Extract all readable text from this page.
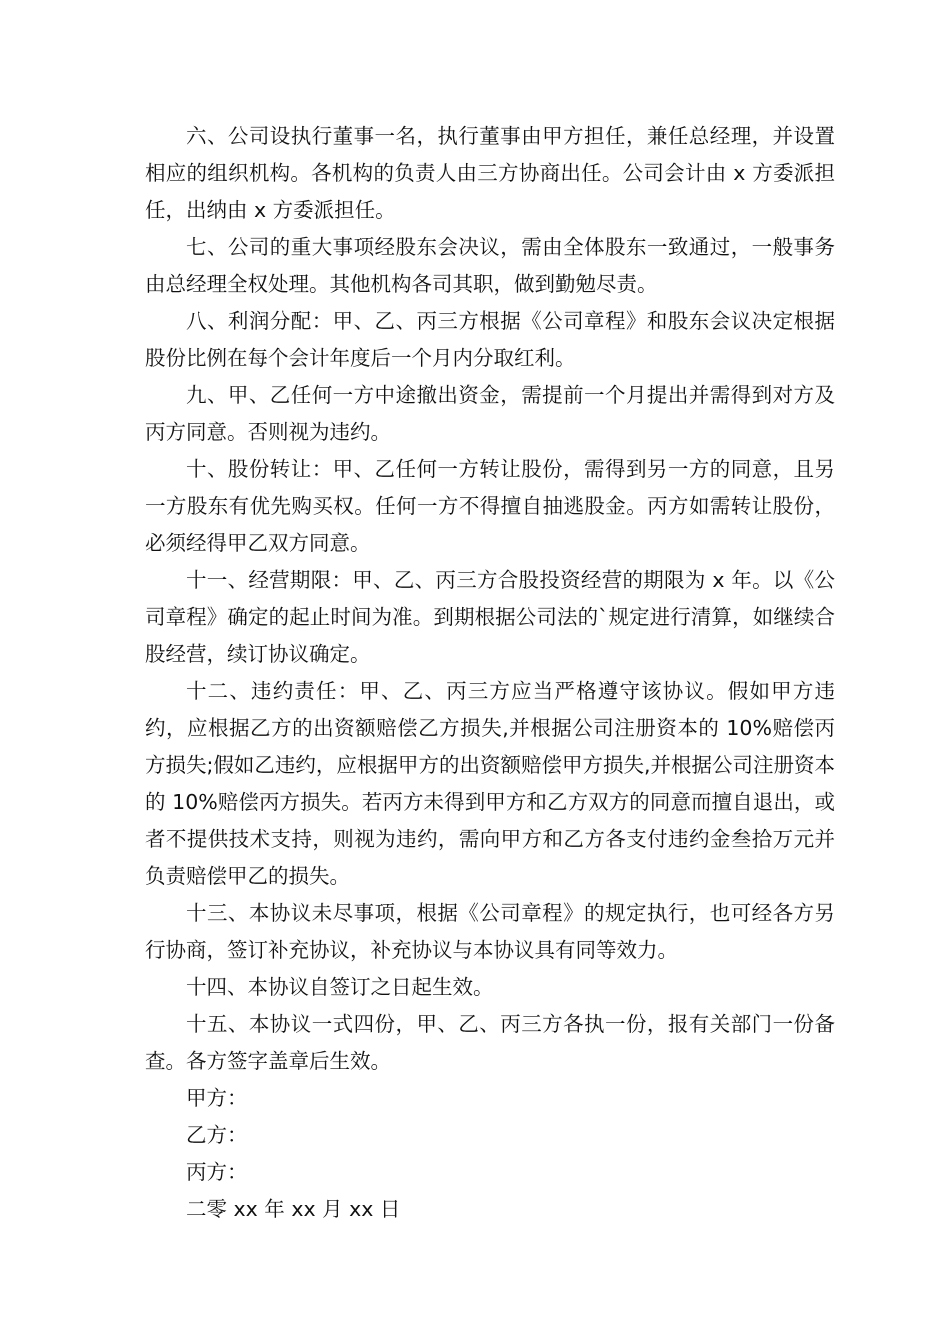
六、公司设执行董事一名，执行董事由甲方担任，兼任总经理，并设置相应的组织机构。各机构的负责人由三方协商出任。公司会计由 x 方委派担任，出纳由 x 方委派担任。

七、公司的重大事项经股东会决议，需由全体股东一致通过，一般事务由总经理全权处理。其他机构各司其职，做到勤勉尽责。

八、利润分配：甲、乙、丙三方根据《公司章程》和股东会议决定根据股份比例在每个会计年度后一个月内分取红利。

九、甲、乙任何一方中途撤出资金，需提前一个月提出并需得到对方及丙方同意。否则视为违约。

十、股份转让：甲、乙任何一方转让股份，需得到另一方的同意，且另一方股东有优先购买权。任何一方不得擅自抽逃股金。丙方如需转让股份，必须经得甲乙双方同意。

十一、经营期限：甲、乙、丙三方合股投资经营的期限为 x 年。以《公司章程》确定的起止时间为准。到期根据公司法的`规定进行清算，如继续合股经营，续订协议确定。

十二、违约责任：甲、乙、丙三方应当严格遵守该协议。假如甲方违约，应根据乙方的出资额赔偿乙方损失,并根据公司注册资本的 10%赔偿丙方损失;假如乙违约，应根据甲方的出资额赔偿甲方损失,并根据公司注册资本的 10%赔偿丙方损失。若丙方未得到甲方和乙方双方的同意而擅自退出，或者不提供技术支持，则视为违约，需向甲方和乙方各支付违约金叁拾万元并负责赔偿甲乙的损失。

十三、本协议未尽事项，根据《公司章程》的规定执行，也可经各方另行协商，签订补充协议，补充协议与本协议具有同等效力。

十四、本协议自签订之日起生效。

十五、本协议一式四份，甲、乙、丙三方各执一份，报有关部门一份备查。各方签字盖章后生效。

甲方：

乙方：

丙方：

二零 xx 年 xx 月 xx 日
